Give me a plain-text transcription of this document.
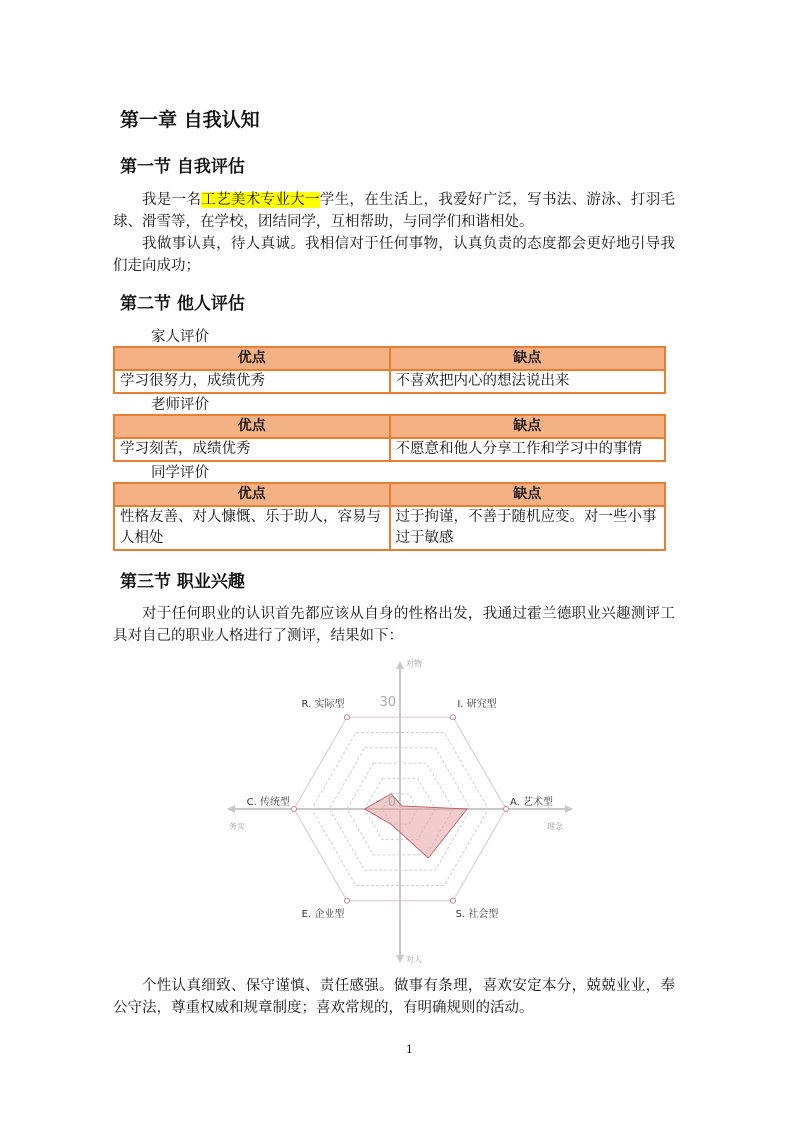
第一章 自我认知
第一节 自我评估

我是一名工艺美术专业大一学生，在生活上，我爱好广泛，写书法、游泳、打羽毛球、滑雪等，在学校，团结同学，互相帮助，与同学们和谐相处。

我做事认真，待人真诚。我相信对于任何事物，认真负责的态度都会更好地引导我们走向成功；

第二节 他人评估
家人评价
优点	缺点
学习很努力，成绩优秀	不喜欢把内心的想法说出来
老师评价
优点	缺点
学习刻苦，成绩优秀	不愿意和他人分享工作和学习中的事情
同学评价
优点	缺点
性格友善、对人慷慨、乐于助人，容易与人相处	过于拘谨，不善于随机应变。对一些小事过于敏感
第三节 职业兴趣

对于任何职业的认识首先都应该从自身的性格出发，我通过霍兰德职业兴趣测评工具对自己的职业人格进行了测评，结果如下：

R. 实际型	I. 研究型
A. 艺术型
S. 社会型
E. 企业型
C. 传统型	0
30
对物
对人
务实	理念

个性认真细致、保守谨慎、责任感强。做事有条理，喜欢安定本分，兢兢业业，奉公守法，尊重权威和规章制度；喜欢常规的，有明确规则的活动。

1
